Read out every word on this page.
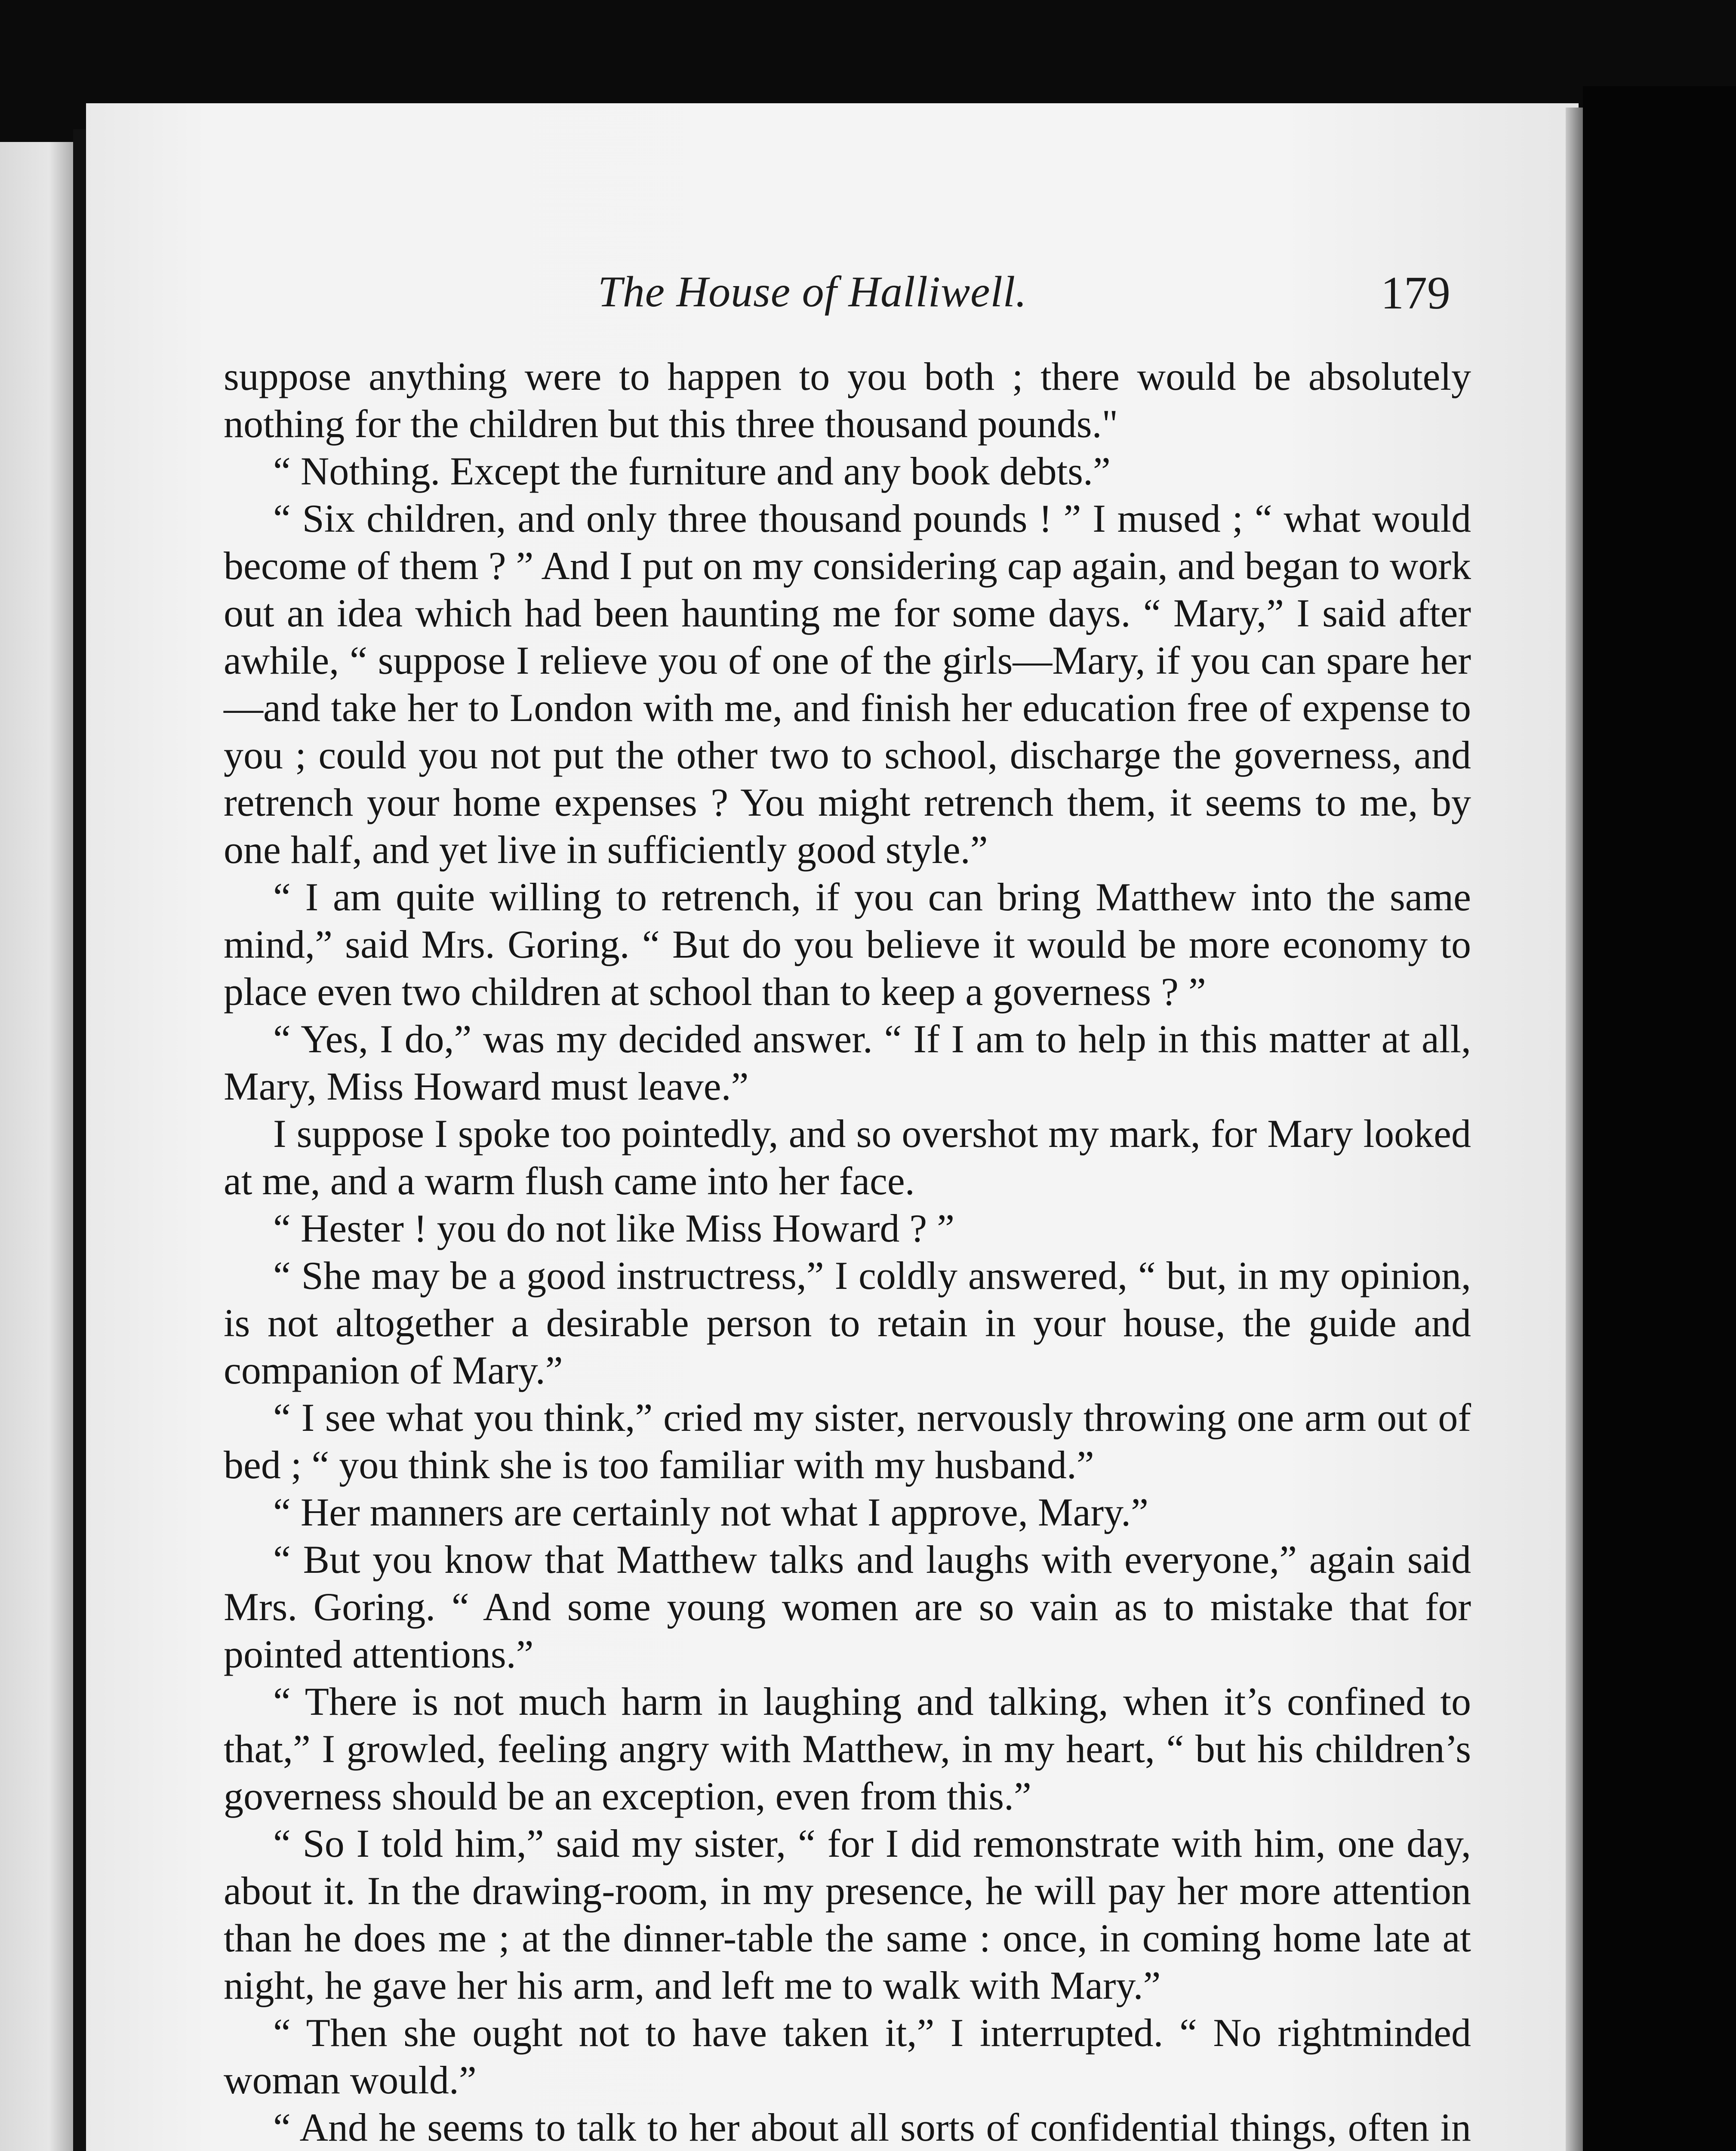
The House of Halliwell.	179

suppose anything were to happen to you both ; there would be absolutely nothing for the children but this three thousand pounds."

“ Nothing. Except the furniture and any book debts.”

“ Six children, and only three thousand pounds ! ” I mused ; “ what would become of them ? ” And I put on my considering cap again, and began to work out an idea which had been haunting me for some days. “ Mary,” I said after awhile, “ suppose I relieve you of one of the girls—Mary, if you can spare her—and take her to London with me, and finish her education free of expense to you ; could you not put the other two to school, discharge the governess, and retrench your home expenses ? You might retrench them, it seems to me, by one half, and yet live in sufficiently good style.”

“ I am quite willing to retrench, if you can bring Matthew into the same mind,” said Mrs. Goring. “ But do you believe it would be more economy to place even two children at school than to keep a governess ? ”

“ Yes, I do,” was my decided answer. “ If I am to help in this matter at all, Mary, Miss Howard must leave.”

I suppose I spoke too pointedly, and so overshot my mark, for Mary looked at me, and a warm flush came into her face.

“ Hester ! you do not like Miss Howard ? ”

“ She may be a good instructress,” I coldly answered, “ but, in my opinion, is not altogether a desirable person to retain in your house, the guide and companion of Mary.”

“ I see what you think,” cried my sister, nervously throwing one arm out of bed ; “ you think she is too familiar with my husband.”

“ Her manners are certainly not what I approve, Mary.”

“ But you know that Matthew talks and laughs with everyone,” again said Mrs. Goring. “ And some young women are so vain as to mistake that for pointed attentions.”

“ There is not much harm in laughing and talking, when it’s confined to that,” I growled, feeling angry with Matthew, in my heart, “ but his children’s governess should be an exception, even from this.”

“ So I told him,” said my sister, “ for I did remonstrate with him, one day, about it. In the drawing-room, in my presence, he will pay her more attention than he does me ; at the dinner-table the same : once, in coming home late at night, he gave her his arm, and left me to walk with Mary.”

“ Then she ought not to have taken it,” I interrupted. “ No rightminded woman would.”

“ And he seems to talk to her about all sorts of confidential things, often in
